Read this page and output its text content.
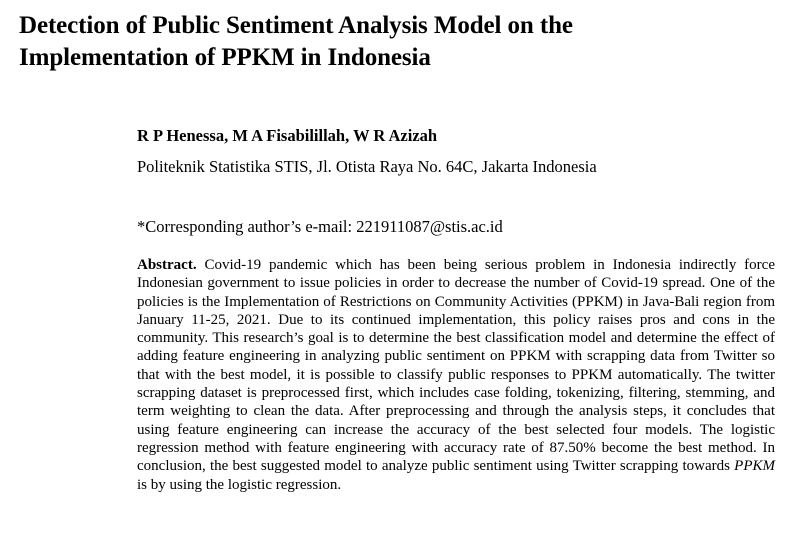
Detection of Public Sentiment Analysis Model on the
Implementation of PPKM in Indonesia

R P Henessa, M A Fisabilillah, W R Azizah

Politeknik Statistika STIS, Jl. Otista Raya No. 64C, Jakarta Indonesia

*Corresponding author’s e-mail: 221911087@stis.ac.id

Abstract. Covid-19 pandemic which has been being serious problem in Indonesia indirectly force Indonesian government to issue policies in order to decrease the number of Covid-19 spread. One of the policies is the Implementation of Restrictions on Community Activities (PPKM) in Java-Bali region from January 11-25, 2021. Due to its continued implementation, this policy raises pros and cons in the community. This research’s goal is to determine the best classification model and determine the effect of adding feature engineering in analyzing public sentiment on PPKM with scrapping data from Twitter so that with the best model, it is possible to classify public responses to PPKM automatically. The twitter scrapping dataset is preprocessed first, which includes case folding, tokenizing, filtering, stemming, and term weighting to clean the data. After preprocessing and through the analysis steps, it concludes that using feature engineering can increase the accuracy of the best selected four models. The logistic regression method with feature engineering with accuracy rate of 87.50% become the best method. In conclusion, the best suggested model to analyze public sentiment using Twitter scrapping towards PPKM is by using the logistic regression.
